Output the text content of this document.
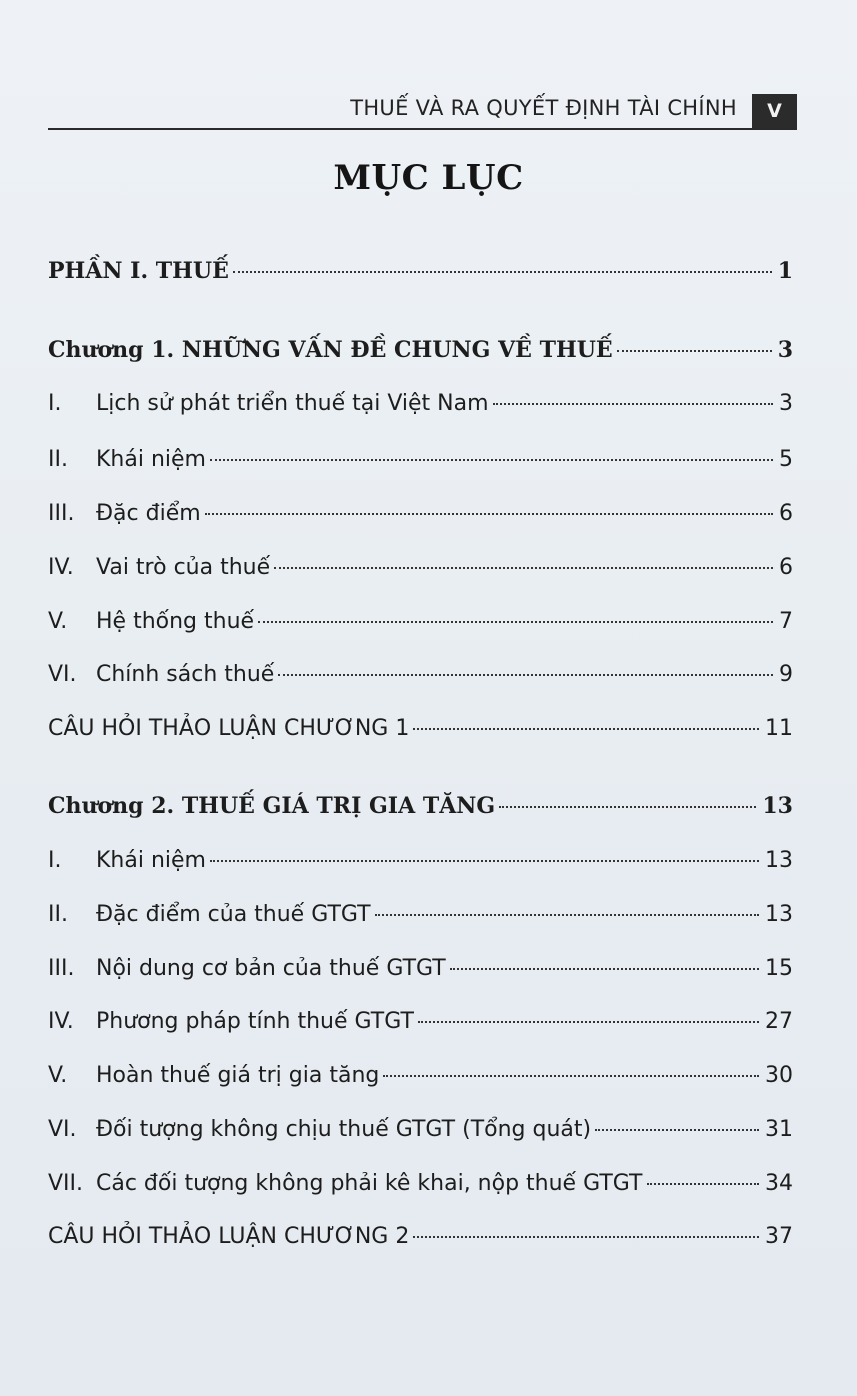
THUẾ VÀ RA QUYẾT ĐỊNH TÀI CHÍNH	V
MỤC LỤC
PHẦN I. THUẾ	1
Chương 1. NHỮNG VẤN ĐỀ CHUNG VỀ THUẾ	3
I.	Lịch sử phát triển thuế tại Việt Nam	3
II.	Khái niệm	5
III. Đặc điểm	6
IV.	Vai trò của thuế	6
V.	Hệ thống thuế	7
VI. Chính sách thuế	9
CÂU HỎI THẢO LUẬN CHƯƠNG 1	11
Chương 2. THUẾ GIÁ TRỊ GIA TĂNG	13
I.	Khái niệm	13
II.	Đặc điểm của thuế GTGT	13
III. Nội dung cơ bản của thuế GTGT	15
IV.	Phương pháp tính thuế GTGT	27
V.	Hoàn thuế giá trị gia tăng	30
VI. Đối tượng không chịu thuế GTGT (Tổng quát)	31
VII. Các đối tượng không phải kê khai, nộp thuế GTGT	34
CÂU HỎI THẢO LUẬN CHƯƠNG 2	37
